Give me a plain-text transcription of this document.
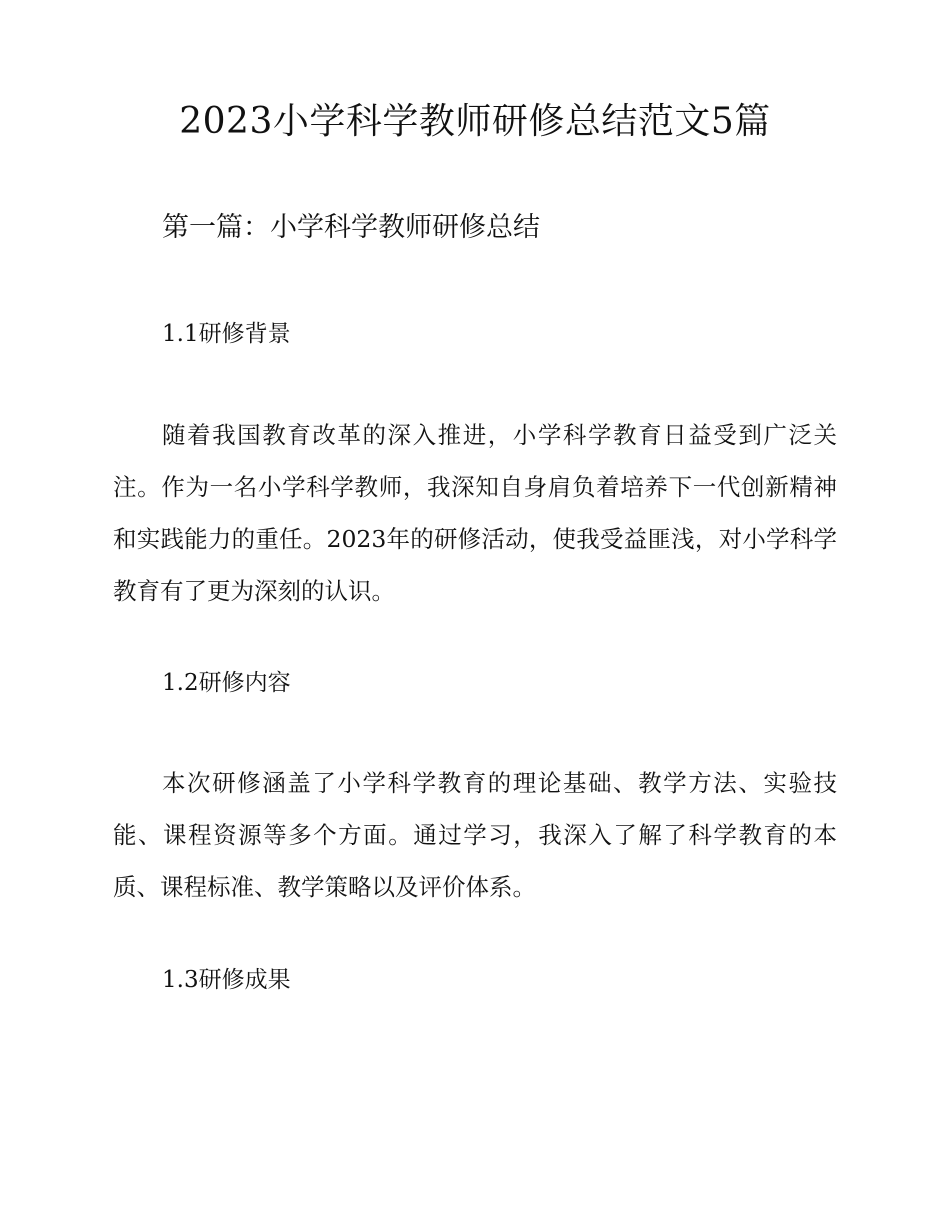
2023小学科学教师研修总结范文5篇
第一篇：小学科学教师研修总结
1.1研修背景

随着我国教育改革的深入推进，小学科学教育日益受到广泛关注。作为一名小学科学教师，我深知自身肩负着培养下一代创新精神和实践能力的重任。2023年的研修活动，使我受益匪浅，对小学科学教育有了更为深刻的认识。

1.2研修内容

本次研修涵盖了小学科学教育的理论基础、教学方法、实验技能、课程资源等多个方面。通过学习，我深入了解了科学教育的本质、课程标准、教学策略以及评价体系。

1.3研修成果
